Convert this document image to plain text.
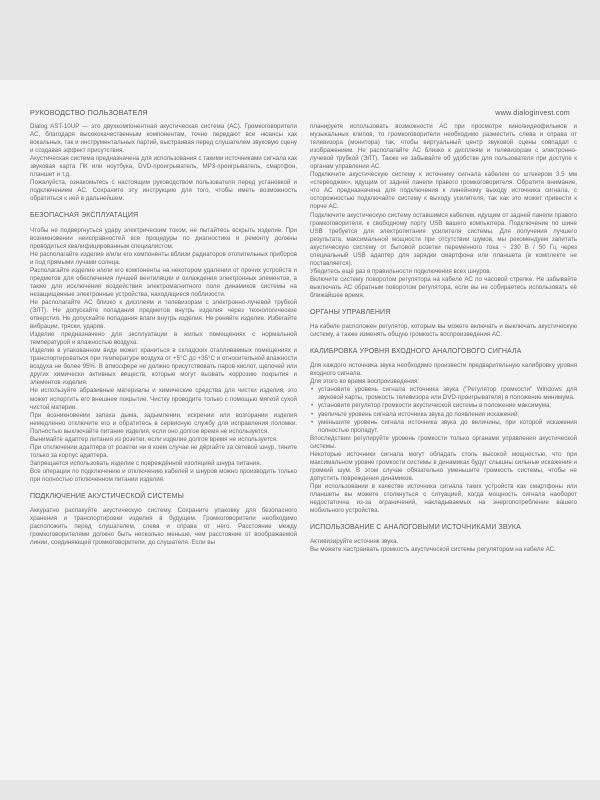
РУКОВОДСТВО ПОЛЬЗОВАТЕЛЯ	www.dialoginvest.com

Dialog AST-10UP — это двухкомпонентная акустическая система (АС). Громкоговорители АС, благодаря высококачественным компонентам, точно передают все нюансы как вокальных, так и инструментальных партий, выстраивая перед слушателем звуковую сцену и создавая эффект присутствия.

Акустическая система предназначена для использования с такими источниками сигнала как звуковая карта ПК или ноутбука, DVD-проигрыватель, MP3-проигрыватель, смартфон, планшет и т.д.

Пожалуйста, ознакомьтесь с настоящим руководством пользователя перед установкой и подключением АС. Сохраните эту инструкцию для того, чтобы иметь возможность обратиться к ней в дальнейшем.

БЕЗОПАСНАЯ ЭКСПЛУАТАЦИЯ

Чтобы не подвергнуться удару электрическим током, не пытайтесь вскрыть изделие. При возникновении неисправностей все процедуры по диагностике и ремонту должны проводиться квалифицированным специалистом.

Не располагайте изделие и/или его компоненты вблизи радиаторов отопительных приборов и под прямыми лучами солнца.

Располагайте изделие и/или его компоненты на некотором удалении от прочих устройств и предметов для обеспечения лучшей вентиляции и охлаждения электронных элементов, а также для исключения воздействия электромагнитного поля динамиков системы на незащищенные электронные устройства, находящиеся поблизости.

Не располагайте АС близко к дисплеям и телевизорам с электронно-лучевой трубкой (ЭЛТ). Не допускайте попадания предметов внутрь изделия через технологические отверстия. Не допускайте попадания влаги внутрь изделия. Не роняйте изделие. Избегайте вибрации, тряски, ударов.

Изделие предназначено для эксплуатации в жилых помещениях с нормальной температурой и влажностью воздуха.

Изделие в упакованном виде может храниться в складских отапливаемых помещениях и транспортироваться при температуре воздуха от +5°С до +35°С и относительной влажности воздуха не более 95%. В атмосфере не должно присутствовать паров кислот, щелочей или других химически активных веществ, которые могут вызвать коррозию покрытия и элементов изделия.

Не используйте абразивные материалы и химические средства для чистки изделия, это может испортить его внешнее покрытие. Чистку проводите только с помощью мягкой сухой чистой материи.

При возникновении запаха дыма, задымлении, искрении или возгорании изделия немедленно отключите его и обратитесь в сервисную службу для исправления поломки. Полностью выключайте питание изделия, если оно долгое время не используется.

Вынимайте адаптер питания из розетки, если изделие долгое время не используется.

При отключении адаптера от розетки ни в коем случае не дёргайте за сетевой шнур, тяните только за корпус адаптера.

Запрещается использовать изделие с повреждённой изоляцией шнура питания.

Все операции по подключению и отключению кабелей и шнуров можно производить только при полностью отключенном питании изделия.

ПОДКЛЮЧЕНИЕ АКУСТИЧЕСКОЙ СИСТЕМЫ

Аккуратно распакуйте акустическую систему. Сохраните упаковку для безопасного хранения и транспортировки изделия в будущем. Громкоговорители необходимо расположить перед слушателем, слева и справа от него. Расстояние между громкоговорителями должно быть несколько меньше, чем расстояние от воображаемой линии, соединяющей громкоговорители, до слушателя. Если вы

планируете использовать возможности АС при просмотре кино/видеофильмов и музыкальных клипов, то громкоговорители необходимо разместить слева и справа от телевизора (монитора) так, чтобы виртуальный центр звуковой сцены совпадал с изображением. Не располагайте АС близко к дисплеям и телевизорам с электронно-лучевой трубкой (ЭЛТ). Также не забывайте об удобстве для пользователя при доступе к органам управления АС.

Подключите акустическую систему к источнику сигнала кабелем со штекером 3.5 мм «стереоджек», идущим от задней панели правого громкоговорителя. Обратите внимание, что АС предназначена для подключения к линейному выходу источника сигнала, с осторожностью подключайте систему к выходу усилителя, так как это может привести к порче АС.

Подключите акустическую систему оставшимся кабелем, идущим от задней панели правого громкоговорителя, к свободному порту USB вашего компьютера. Подключение по шине USB требуется для электропитания усилителя системы. Для получения лучшего результата, максимальной мощности при отсутствии шумов, мы рекомендуем запитать акустическую систему от бытовой розетки переменного тока ~ 230 В / 50 Гц через специальный USB адаптер для зарядки смартфона или планшета (в комплекте не поставляется).

Убедитесь ещё раз в правильности подключения всех шнуров.

Включите систему поворотом регулятора на кабеле АС по часовой стрелке. Не забывайте выключать АС обратным поворотом регулятора, если вы не собираетесь использовать её ближайшее время.

ОРГАНЫ УПРАВЛЕНИЯ

На кабеле расположен регулятор, которым вы можете включать и выключать акустическую систему, а также изменять общую громкость воспроизведения АС.

КАЛИБРОВКА УРОВНЯ ВХОДНОГО АНАЛОГОВОГО СИГНАЛА

Для каждого источника звука необходимо произвести предварительную калибровку уровня входного сигнала.

Для этого во время воспроизведения:

• установите уровень сигнала источника звука ("Регулятор громкости" Windows для звуковой карты, громкость телевизора или DVD-проигрывателя) в положение минимума.
• установите регулятор громкости акустической системы в положение максимума;
• увеличьте уровень сигнала источника звука до появления искажений;
• уменьшите уровень сигнала источника звука до величины, при которой искажения полностью пропадут.

Впоследствии регулируйте уровень громкости только органами управления акустической системы.

Некоторые источники сигнала могут обладать столь высокой мощностью, что при максимальном уровне громкости системы в динамиках будут слышны сильные искажения и громкий шум. В этом случае обязательно уменьшите громкость системы, чтобы не допустить повреждения динамиков.

При использовании в качестве источника сигнала таких устройств как смартфоны или планшеты вы можете столкнуться с ситуацией, когда мощность сигнала наоборот недостаточна из-за ограничений, накладываемых на энергопотребление вашего мобильного устройства.

ИСПОЛЬЗОВАНИЕ С АНАЛОГОВЫМИ ИСТОЧНИКАМИ ЗВУКА

Активизируйте источник звука.

Вы можете настраивать громкость акустической системы регулятором на кабеле АС.
